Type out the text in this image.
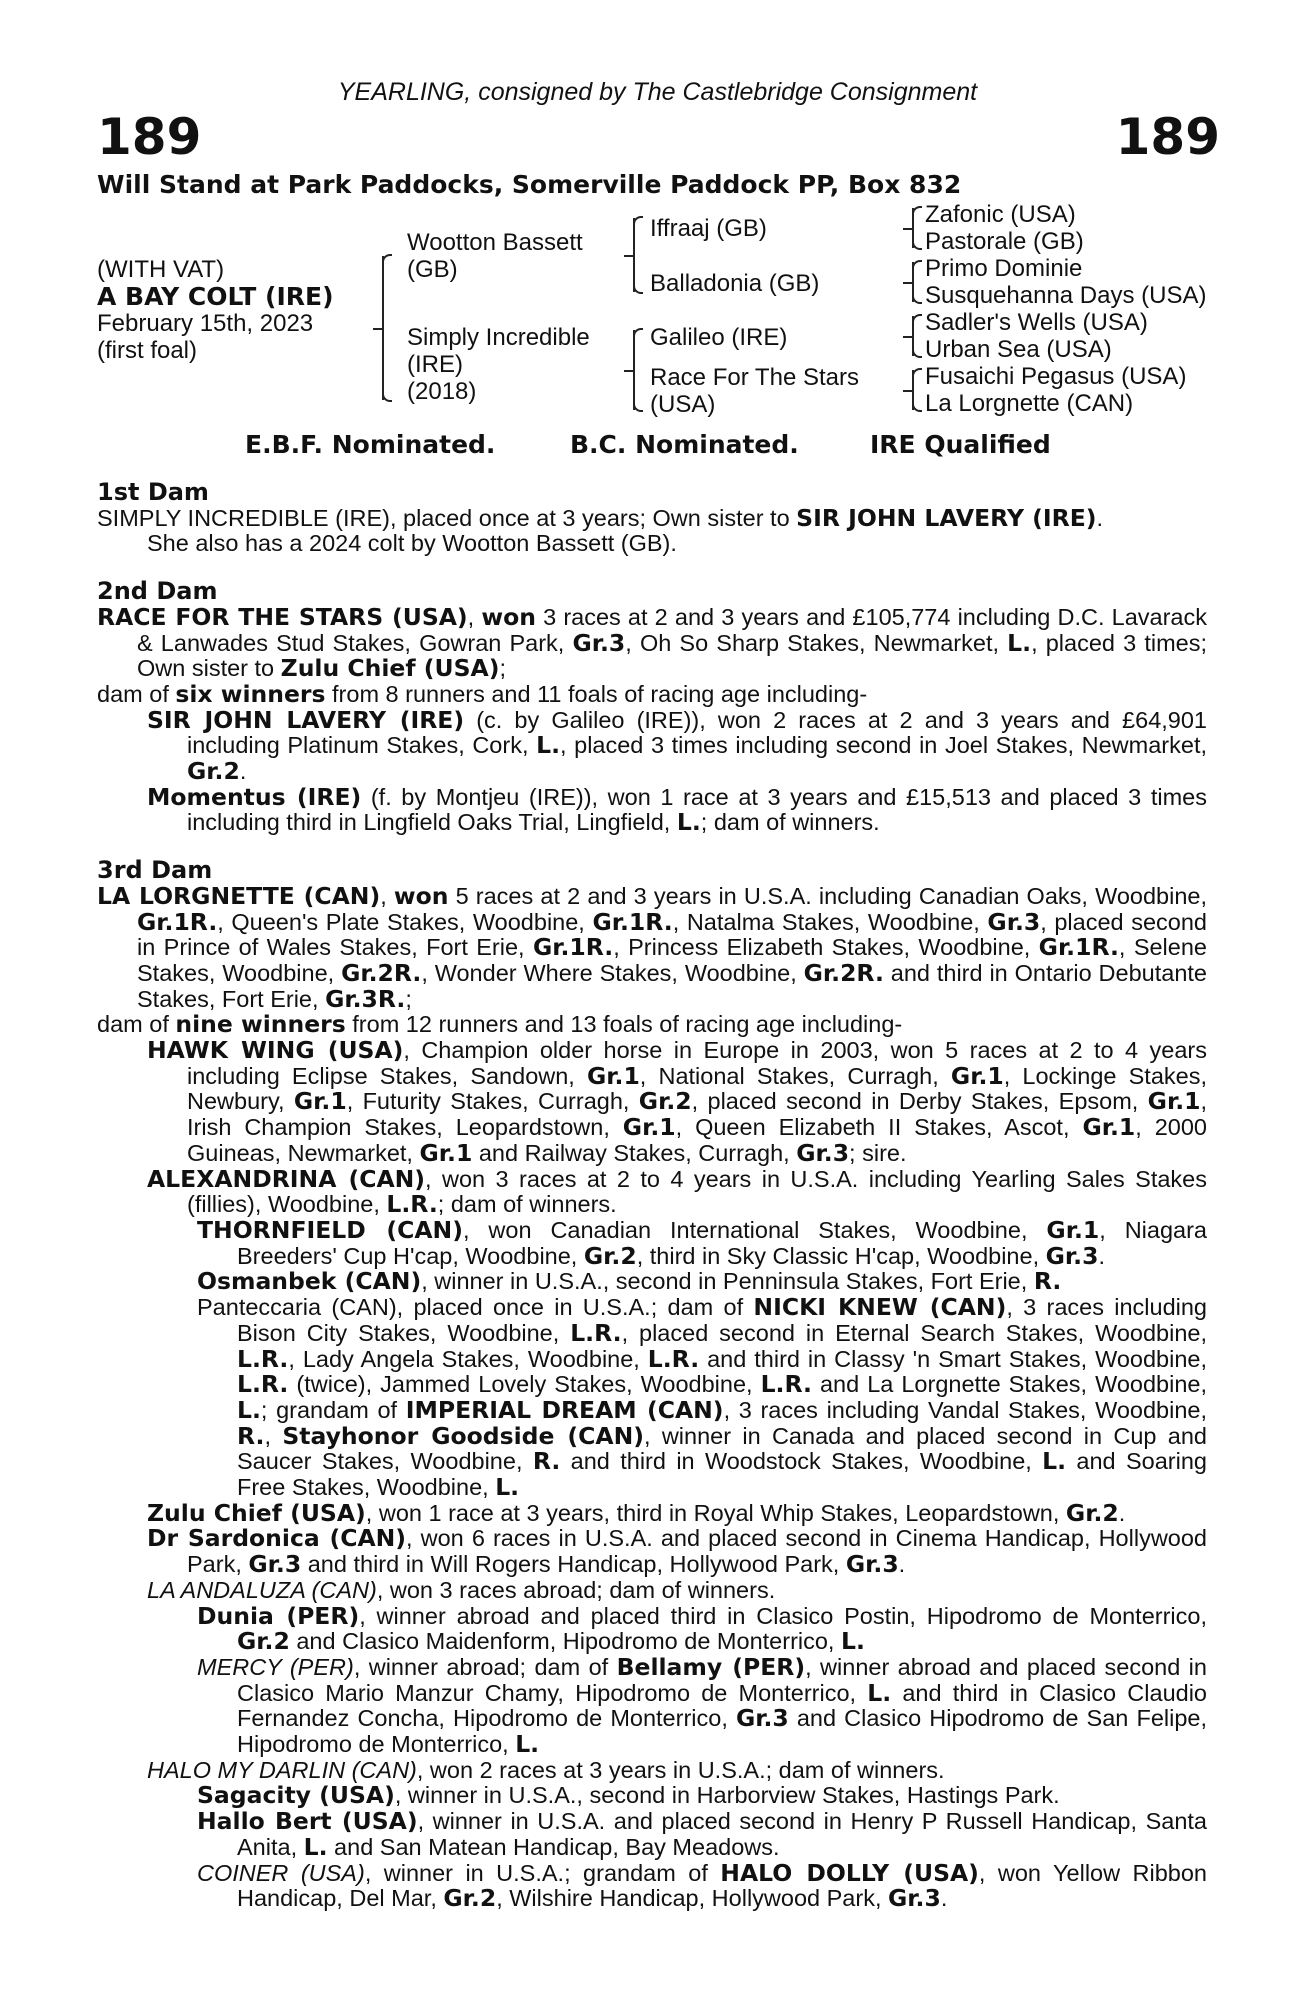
YEARLING, consigned by The Castlebridge Consignment
189	189
Will Stand at Park Paddocks, Somerville Paddock PP, Box 832
(WITH VAT)
A BAY COLT (IRE)
February 15th, 2023
(first foal)
Wootton Bassett
(GB)
Simply Incredible
(IRE)
(2018)
Iffraaj (GB)
Balladonia (GB)
Galileo (IRE)
Race For The Stars
(USA)
Zafonic (USA)
Pastorale (GB)
Primo Dominie
Susquehanna Days (USA)
Sadler's Wells (USA)
Urban Sea (USA)
Fusaichi Pegasus (USA)
La Lorgnette (CAN)
E.B.F. Nominated.	B.C. Nominated.	IRE Qualified
1st Dam
SIMPLY INCREDIBLE (IRE), placed once at 3 years; Own sister to SIR JOHN LAVERY (IRE).
She also has a 2024 colt by Wootton Bassett (GB).
2nd Dam
RACE FOR THE STARS (USA), won 3 races at 2 and 3 years and £105,774 including D.C. Lavarack & Lanwades Stud Stakes, Gowran Park, Gr.3, Oh So Sharp Stakes, Newmarket, L., placed 3 times; Own sister to Zulu Chief (USA);
dam of six winners from 8 runners and 11 foals of racing age including-
SIR JOHN LAVERY (IRE) (c. by Galileo (IRE)), won 2 races at 2 and 3 years and £64,901 including Platinum Stakes, Cork, L., placed 3 times including second in Joel Stakes, Newmarket, Gr.2.
Momentus (IRE) (f. by Montjeu (IRE)), won 1 race at 3 years and £15,513 and placed 3 times including third in Lingfield Oaks Trial, Lingfield, L.; dam of winners.
3rd Dam
LA LORGNETTE (CAN), won 5 races at 2 and 3 years in U.S.A. including Canadian Oaks, Woodbine, Gr.1R., Queen's Plate Stakes, Woodbine, Gr.1R., Natalma Stakes, Woodbine, Gr.3, placed second in Prince of Wales Stakes, Fort Erie, Gr.1R., Princess Elizabeth Stakes, Woodbine, Gr.1R., Selene Stakes, Woodbine, Gr.2R., Wonder Where Stakes, Woodbine, Gr.2R. and third in Ontario Debutante Stakes, Fort Erie, Gr.3R.;
dam of nine winners from 12 runners and 13 foals of racing age including-
HAWK WING (USA), Champion older horse in Europe in 2003, won 5 races at 2 to 4 years including Eclipse Stakes, Sandown, Gr.1, National Stakes, Curragh, Gr.1, Lockinge Stakes, Newbury, Gr.1, Futurity Stakes, Curragh, Gr.2, placed second in Derby Stakes, Epsom, Gr.1, Irish Champion Stakes, Leopardstown, Gr.1, Queen Elizabeth II Stakes, Ascot, Gr.1, 2000 Guineas, Newmarket, Gr.1 and Railway Stakes, Curragh, Gr.3; sire.
ALEXANDRINA (CAN), won 3 races at 2 to 4 years in U.S.A. including Yearling Sales Stakes (fillies), Woodbine, L.R.; dam of winners.
THORNFIELD (CAN), won Canadian International Stakes, Woodbine, Gr.1, Niagara Breeders' Cup H'cap, Woodbine, Gr.2, third in Sky Classic H'cap, Woodbine, Gr.3.
Osmanbek (CAN), winner in U.S.A., second in Penninsula Stakes, Fort Erie, R.
Panteccaria (CAN), placed once in U.S.A.; dam of NICKI KNEW (CAN), 3 races including Bison City Stakes, Woodbine, L.R., placed second in Eternal Search Stakes, Woodbine, L.R., Lady Angela Stakes, Woodbine, L.R. and third in Classy 'n Smart Stakes, Woodbine, L.R. (twice), Jammed Lovely Stakes, Woodbine, L.R. and La Lorgnette Stakes, Woodbine, L.; grandam of IMPERIAL DREAM (CAN), 3 races including Vandal Stakes, Woodbine, R., Stayhonor Goodside (CAN), winner in Canada and placed second in Cup and Saucer Stakes, Woodbine, R. and third in Woodstock Stakes, Woodbine, L. and Soaring Free Stakes, Woodbine, L.
Zulu Chief (USA), won 1 race at 3 years, third in Royal Whip Stakes, Leopardstown, Gr.2.
Dr Sardonica (CAN), won 6 races in U.S.A. and placed second in Cinema Handicap, Hollywood Park, Gr.3 and third in Will Rogers Handicap, Hollywood Park, Gr.3.
LA ANDALUZA (CAN), won 3 races abroad; dam of winners.
Dunia (PER), winner abroad and placed third in Clasico Postin, Hipodromo de Monterrico, Gr.2 and Clasico Maidenform, Hipodromo de Monterrico, L.
MERCY (PER), winner abroad; dam of Bellamy (PER), winner abroad and placed second in Clasico Mario Manzur Chamy, Hipodromo de Monterrico, L. and third in Clasico Claudio Fernandez Concha, Hipodromo de Monterrico, Gr.3 and Clasico Hipodromo de San Felipe, Hipodromo de Monterrico, L.
HALO MY DARLIN (CAN), won 2 races at 3 years in U.S.A.; dam of winners.
Sagacity (USA), winner in U.S.A., second in Harborview Stakes, Hastings Park.
Hallo Bert (USA), winner in U.S.A. and placed second in Henry P Russell Handicap, Santa Anita, L. and San Matean Handicap, Bay Meadows.
COINER (USA), winner in U.S.A.; grandam of HALO DOLLY (USA), won Yellow Ribbon Handicap, Del Mar, Gr.2, Wilshire Handicap, Hollywood Park, Gr.3.
